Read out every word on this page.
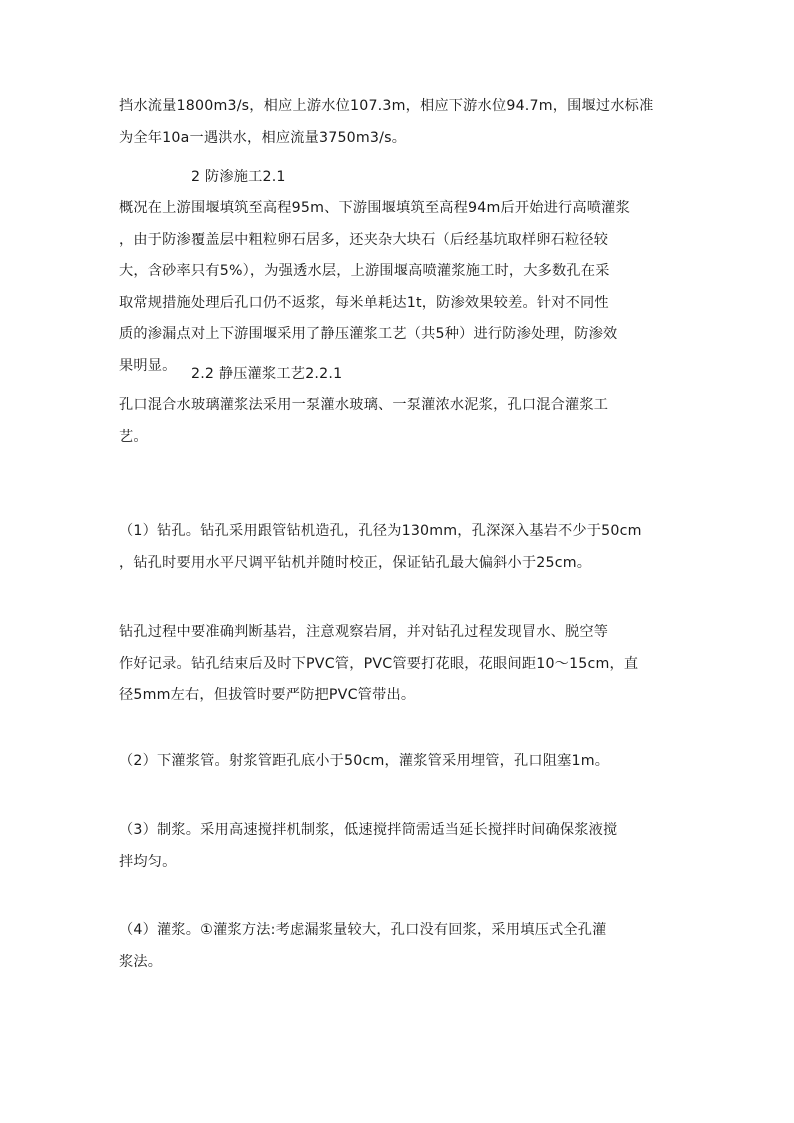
挡水流量1800m3/s，相应上游水位107.3m，相应下游水位94.7m，围堰过水标准
为全年10a一遇洪水，相应流量3750m3/s。
2 防渗施工2.1
概况在上游围堰填筑至高程95m、下游围堰填筑至高程94m后开始进行高喷灌浆
，由于防渗覆盖层中粗粒卵石居多，还夹杂大块石（后经基坑取样卵石粒径较
大，含砂率只有5%），为强透水层，上游围堰高喷灌浆施工时，大多数孔在采
取常规措施处理后孔口仍不返浆，每米单耗达1t，防渗效果较差。针对不同性
质的渗漏点对上下游围堰采用了静压灌浆工艺（共5种）进行防渗处理，防渗效
果明显。
2.2 静压灌浆工艺2.2.1
孔口混合水玻璃灌浆法采用一泵灌水玻璃、一泵灌浓水泥浆，孔口混合灌浆工
艺。
（1）钻孔。钻孔采用跟管钻机造孔，孔径为130mm，孔深深入基岩不少于50cm
，钻孔时要用水平尺调平钻机并随时校正，保证钻孔最大偏斜小于25cm。
钻孔过程中要准确判断基岩，注意观察岩屑，并对钻孔过程发现冒水、脱空等
作好记录。钻孔结束后及时下PVC管，PVC管要打花眼，花眼间距10～15cm，直
径5mm左右，但拔管时要严防把PVC管带出。
（2）下灌浆管。射浆管距孔底小于50cm，灌浆管采用埋管，孔口阻塞1m。
（3）制浆。采用高速搅拌机制浆，低速搅拌筒需适当延长搅拌时间确保浆液搅
拌均匀。
（4）灌浆。①灌浆方法:考虑漏浆量较大，孔口没有回浆，采用填压式全孔灌
浆法。
